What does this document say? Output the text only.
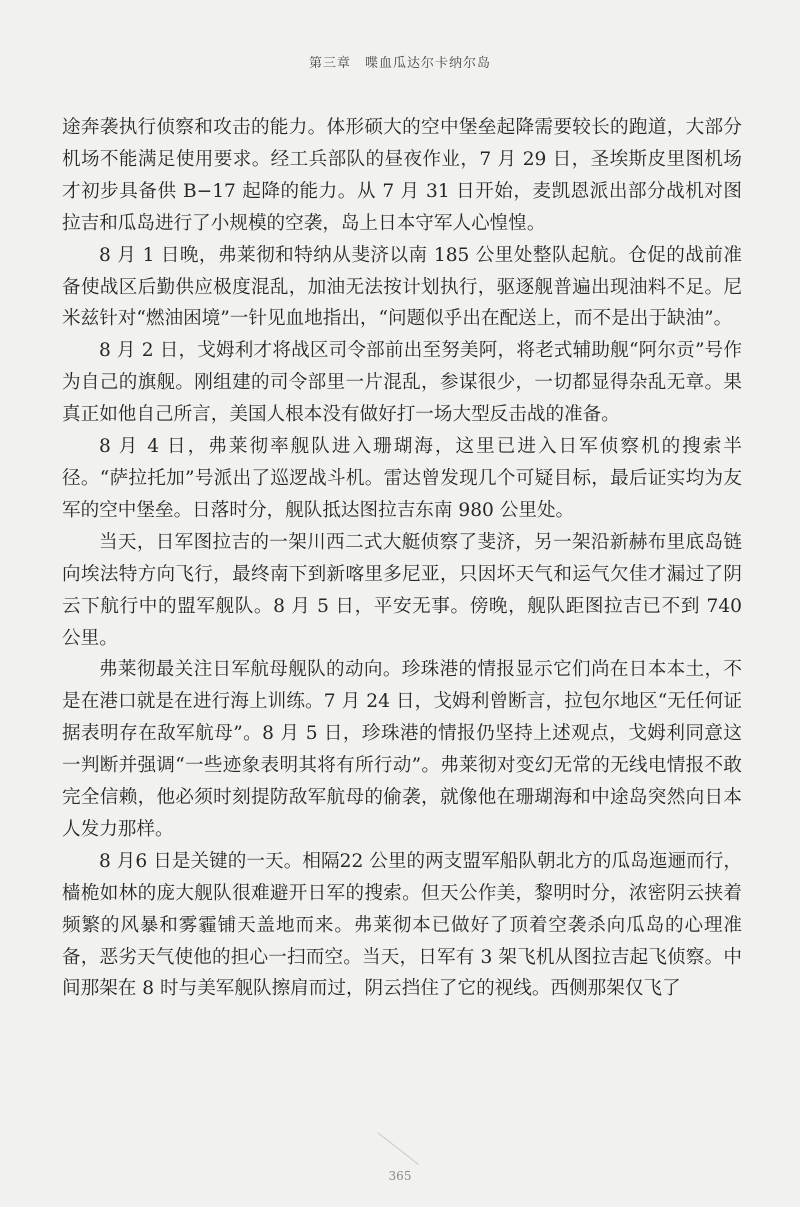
第三章　喋血瓜达尔卡纳尔岛

途奔袭执行侦察和攻击的能力。体形硕大的空中堡垒起降需要较长的跑道，大部分机场不能满足使用要求。经工兵部队的昼夜作业，7 月 29 日，圣埃斯皮里图机场才初步具备供 B−17 起降的能力。从 7 月 31 日开始，麦凯恩派出部分战机对图拉吉和瓜岛进行了小规模的空袭，岛上日本守军人心惶惶。

8 月 1 日晚，弗莱彻和特纳从斐济以南 185 公里处整队起航。仓促的战前准备使战区后勤供应极度混乱，加油无法按计划执行，驱逐舰普遍出现油料不足。尼米兹针对“燃油困境”一针见血地指出，“问题似乎出在配送上，而不是出于缺油”。

8 月 2 日，戈姆利才将战区司令部前出至努美阿，将老式辅助舰“阿尔贡”号作为自己的旗舰。刚组建的司令部里一片混乱，参谋很少，一切都显得杂乱无章。果真正如他自己所言，美国人根本没有做好打一场大型反击战的准备。

8 月 4 日，弗莱彻率舰队进入珊瑚海，这里已进入日军侦察机的搜索半径。“萨拉托加”号派出了巡逻战斗机。雷达曾发现几个可疑目标，最后证实均为友军的空中堡垒。日落时分，舰队抵达图拉吉东南 980 公里处。

当天，日军图拉吉的一架川西二式大艇侦察了斐济，另一架沿新赫布里底岛链向埃法特方向飞行，最终南下到新喀里多尼亚，只因坏天气和运气欠佳才漏过了阴云下航行中的盟军舰队。8 月 5 日，平安无事。傍晚，舰队距图拉吉已不到 740 公里。

弗莱彻最关注日军航母舰队的动向。珍珠港的情报显示它们尚在日本本土，不是在港口就是在进行海上训练。7 月 24 日，戈姆利曾断言，拉包尔地区“无任何证据表明存在敌军航母”。8 月 5 日，珍珠港的情报仍坚持上述观点，戈姆利同意这一判断并强调“一些迹象表明其将有所行动”。弗莱彻对变幻无常的无线电情报不敢完全信赖，他必须时刻提防敌军航母的偷袭，就像他在珊瑚海和中途岛突然向日本人发力那样。

8 月6 日是关键的一天。相隔22 公里的两支盟军船队朝北方的瓜岛迤逦而行，樯桅如林的庞大舰队很难避开日军的搜索。但天公作美，黎明时分，浓密阴云挟着频繁的风暴和雾霾铺天盖地而来。弗莱彻本已做好了顶着空袭杀向瓜岛的心理准备，恶劣天气使他的担心一扫而空。当天，日军有 3 架飞机从图拉吉起飞侦察。中间那架在 8 时与美军舰队擦肩而过，阴云挡住了它的视线。西侧那架仅飞了

365
